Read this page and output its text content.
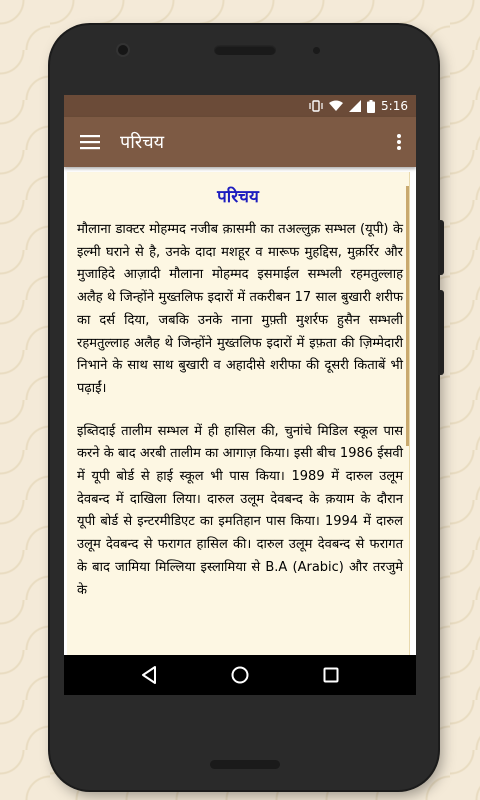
5:16
परिचय
परिचय

मौलाना डाक्टर मोहम्मद नजीब क़ासमी का तअल्लुक़ सम्भल (यूपी) के इल्मी घराने से है, उनके दादा मशहूर व मारूफ मुहद्दिस, मुक़र्रिर और मुजाहिदे आज़ादी मौलाना मोहम्मद इसमाईल सम्भली रहमतुल्लाह अलैह थे जिन्होंने मुख्तलिफ इदारों में तकरीबन 17 साल बुखारी शरीफ का दर्स दिया, जबकि उनके नाना मुफ़्ती मुशर्रफ हुसैन सम्भली रहमतुल्लाह अलैह थे जिन्होंने मुख्तलिफ इदारों में इफ़ता की ज़िम्मेदारी निभाने के साथ साथ बुखारी व अहादीसे शरीफा की दूसरी किताबें भी पढ़ाईं।

इब्तिदाई तालीम सम्भल में ही हासिल की, चुनांचे मिडिल स्कूल पास करने के बाद अरबी तालीम का आगाज़ किया। इसी बीच 1986 ईसवी में यूपी बोर्ड से हाई स्कूल भी पास किया। 1989 में दारुल उलूम देवबन्द में दाखिला लिया। दारुल उलूम देवबन्द के क़याम के दौरान यूपी बोर्ड से इन्टरमीडिएट का इमतिहान पास किया। 1994 में दारुल उलूम देवबन्द से फरागत हासिल की। दारुल उलूम देवबन्द से फरागत के बाद जामिया मिल्लिया इस्लामिया से B.A (Arabic) और तरजुमे के
